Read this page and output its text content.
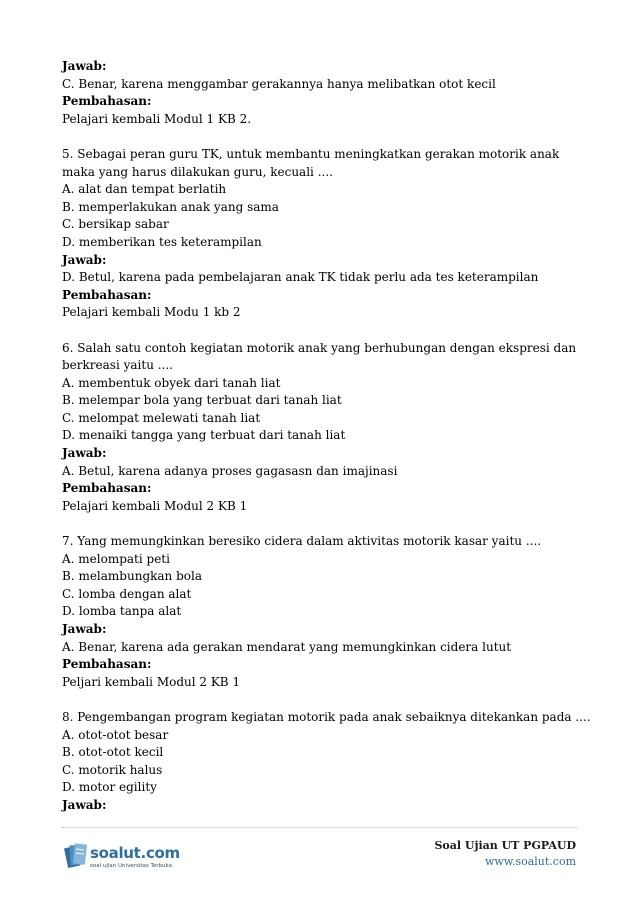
Jawab:
C. Benar, karena menggambar gerakannya hanya melibatkan otot kecil
Pembahasan:
Pelajari kembali Modul 1 KB 2.
5. Sebagai peran guru TK, untuk membantu meningkatkan gerakan motorik anak maka yang harus dilakukan guru, kecuali ....
A. alat dan tempat berlatih
B. memperlakukan anak yang sama
C. bersikap sabar
D. memberikan tes keterampilan
Jawab:
D. Betul, karena pada pembelajaran anak TK tidak perlu ada tes keterampilan
Pembahasan:
Pelajari kembali Modu 1 kb 2
6. Salah satu contoh kegiatan motorik anak yang berhubungan dengan ekspresi dan berkreasi yaitu ....
A. membentuk obyek dari tanah liat
B. melempar bola yang terbuat dari tanah liat
C. melompat melewati tanah liat
D. menaiki tangga yang terbuat dari tanah liat
Jawab:
A. Betul, karena adanya proses gagasasn dan imajinasi
Pembahasan:
Pelajari kembali Modul 2 KB 1
7. Yang memungkinkan beresiko cidera dalam aktivitas motorik kasar yaitu ....
A. melompati peti
B. melambungkan bola
C. lomba dengan alat
D. lomba tanpa alat
Jawab:
A. Benar, karena ada gerakan mendarat yang memungkinkan cidera lutut
Pembahasan:
Peljari kembali Modul 2 KB 1
8. Pengembangan program kegiatan motorik pada anak sebaiknya ditekankan pada ....
A. otot-otot besar
B. otot-otot kecil
C. motorik halus
D. motor egility
Jawab:
soalut.com
soal ujian Universitas Terbuka
Soal Ujian UT PGPAUD
www.soalut.com
